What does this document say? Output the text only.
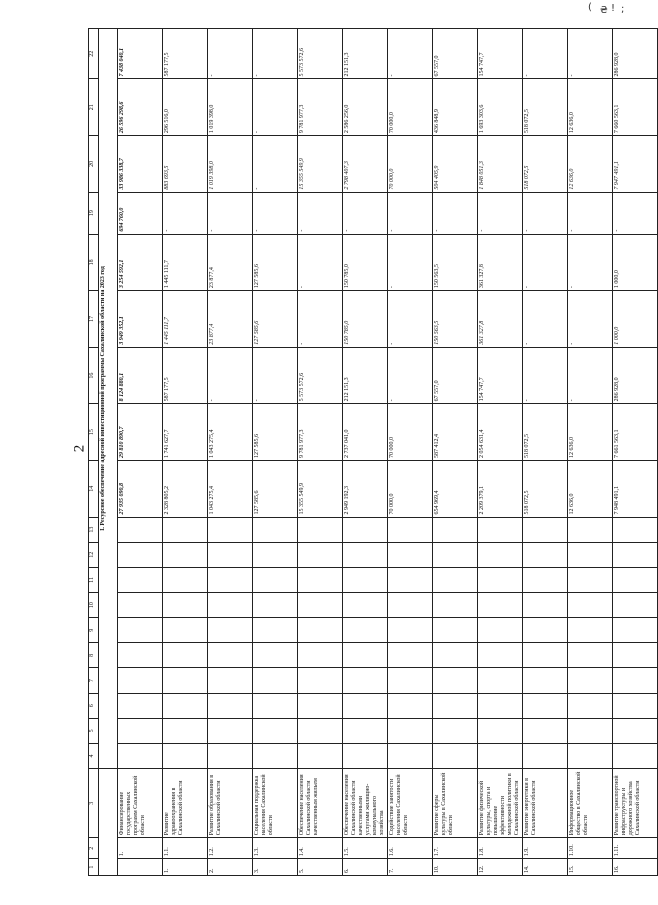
2
( ₴ ! ;
1	2	3	4	5	6	7	8	9	10	11	12	13	14	15	16	17	18	19	20	21	22
			I. Ресурсное обеспечение адресной инвестиционной программы Сахалинской области на 2023 год																		
	1.	Финансирование государственных программ Сахалинской области											27 935 090,8	29 810 890,7	8 124 880,1	3 949 352,1	3 254 592,1	694 760,0	33 986 338,7	26 596 298,6	7 438 040,1
1.	1.1.	Развитие здравоохранения в Сахалинской области											2 328 805,2	1 741 627,7	587 177,5	1 445 111,7	1 445 111,7	-	883 693,5	296 516,0	587 177,5
2.	1.2.	Развитие образования в Сахалинской области											1 043 275,4	1 043 275,4	-	23 877,4	23 877,4	-	1 019 398,0	1 019 398,0	-
3.	1.3.	Социальная поддержка населения Сахалинской области											127 585,6	127 585,6	-	127 585,6	127 585,6	-	-	-	-
5.	1.4.	Обеспечение населения Сахалинской области качественным жильем											15 355 549,9	9 781 977,3	5 573 572,6	-	-	-	15 355 549,9	9 781 977,3	5 573 572,6
6.	1.5.	Обеспечение населения Сахалинской области качественными услугами жилищно-коммунального хозяйства											2 949 192,3	2 737 041,0	212 151,3	150 785,0	150 785,0	-	2 798 407,3	2 586 256,0	212 151,3
7.	1.6.	Содействие занятости населения Сахалинской области											70 000,0	70 000,0	-	-	-	-	70 000,0	70 000,0	-
10.	1.7.	Развитие сферы культуры в Сахалинской области											654 969,4	587 412,4	67 557,0	150 563,5	150 563,5	-	504 405,9	436 848,9	67 557,0
12.	1.8.	Развитие физической культуры, спорта и повышение эффективности молодежной политики в Сахалинской области											2 209 379,1	2 054 631,4	154 747,7	361 327,8	361 327,8	-	1 848 051,3	1 693 303,6	154 747,7
14.	1.9.	Развитие энергетики в Сахалинской области											518 072,5	518 072,5	-	-	-	-	518 072,5	518 072,5	-
15.	1.10.	Информационное общество в Сахалинской области											12 636,0	12 636,0	-	-	-	-	12 636,0	12 636,0	-
16.	1.11.	Развитие транспортной инфраструктуры и дорожного хозяйства Сахалинской области											7 948 491,1	7 661 563,1	286 928,0	1 000,0	1 000,0	-	7 947 491,1	7 660 563,1	286 928,0
